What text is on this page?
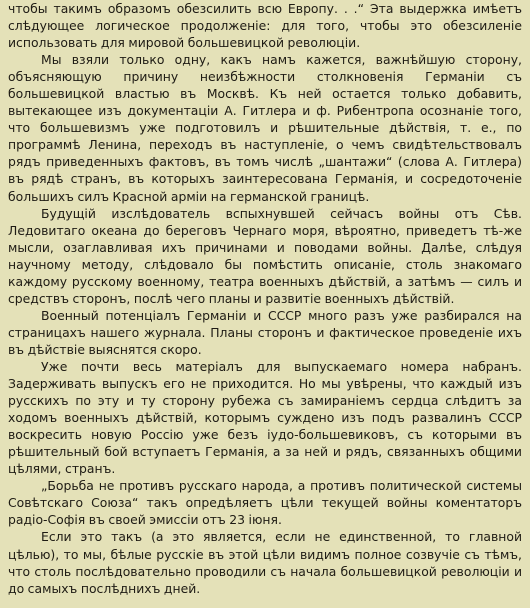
чтобы такимъ образомъ обезсилить всю Европу. . .“ Эта выдержка имѣетъ слѣдующее логическое продолженіе: для того, чтобы это обезсиленіе использовать для мировой большевицкой революціи.

Мы взяли только одну, какъ намъ кажется, важнѣйшую сторону, объясняющую причину неизбѣжности столкновенія Германіи съ большевицкой властью въ Москвѣ. Къ ней остается только добавить, вытекающее изъ документаціи А. Гитлера и ф. Рибентропа осознаніе того, что большевизмъ уже подготовилъ и рѣшительные дѣйствія, т. е., по программѣ Ленина, переходъ въ наступленіе, о чемъ свидѣтельствовалъ рядъ приведенныхъ фактовъ, въ томъ числѣ „шантажи“ (слова А. Гитлера) въ рядѣ странъ, въ которыхъ заинтересована Германія, и сосредоточеніе большихъ силъ Красной арміи на германской границѣ.

Будущій изслѣдователь вспыхнувшей сейчасъ войны отъ Сѣв. Ледовитаго океана до береговъ Чернаго моря, вѣроятно, приведетъ тѣ-же мысли, озаглавливая ихъ причинами и поводами войны. Далѣе, слѣдуя научному методу, слѣдовало бы помѣстить описаніе, столь знакомаго каждому русскому военному, театра военныхъ дѣйствій, а затѣмъ — силъ и средствъ сторонъ, послѣ чего планы и развитіе военныхъ дѣйствій.

Военный потенціалъ Германіи и СССР много разъ уже разбирался на страницахъ нашего журнала. Планы сторонъ и фактическое проведеніе ихъ въ дѣйствіе выяснятся скоро.

Уже почти весь матеріалъ для выпускаемаго номера набранъ. Задерживать выпускъ его не приходится. Но мы увѣрены, что каждый изъ русскихъ по эту и ту сторону рубежа съ замираніемъ сердца слѣдитъ за ходомъ военныхъ дѣйствій, которымъ суждено изъ подъ развалинъ СССР воскресить новую Россію уже безъ іудо-большевиковъ, съ которыми въ рѣшительный бой вступаетъ Германія, а за ней и рядъ, связанныхъ общими цѣлями, странъ.

„Борьба не противъ русскаго народа, а противъ политической системы Совѣтскаго Союза“ такъ опредѣляетъ цѣли текущей войны коментаторъ радіо-Софія въ своей эмиссіи отъ 23 іюня.

Если это такъ (а это является, если не единственной, то главной цѣлью), то мы, бѣлые русскіе въ этой цѣли видимъ полное созвучіе съ тѣмъ, что столь послѣдовательно проводили съ начала большевицкой революціи и до самыхъ послѣднихъ дней.
